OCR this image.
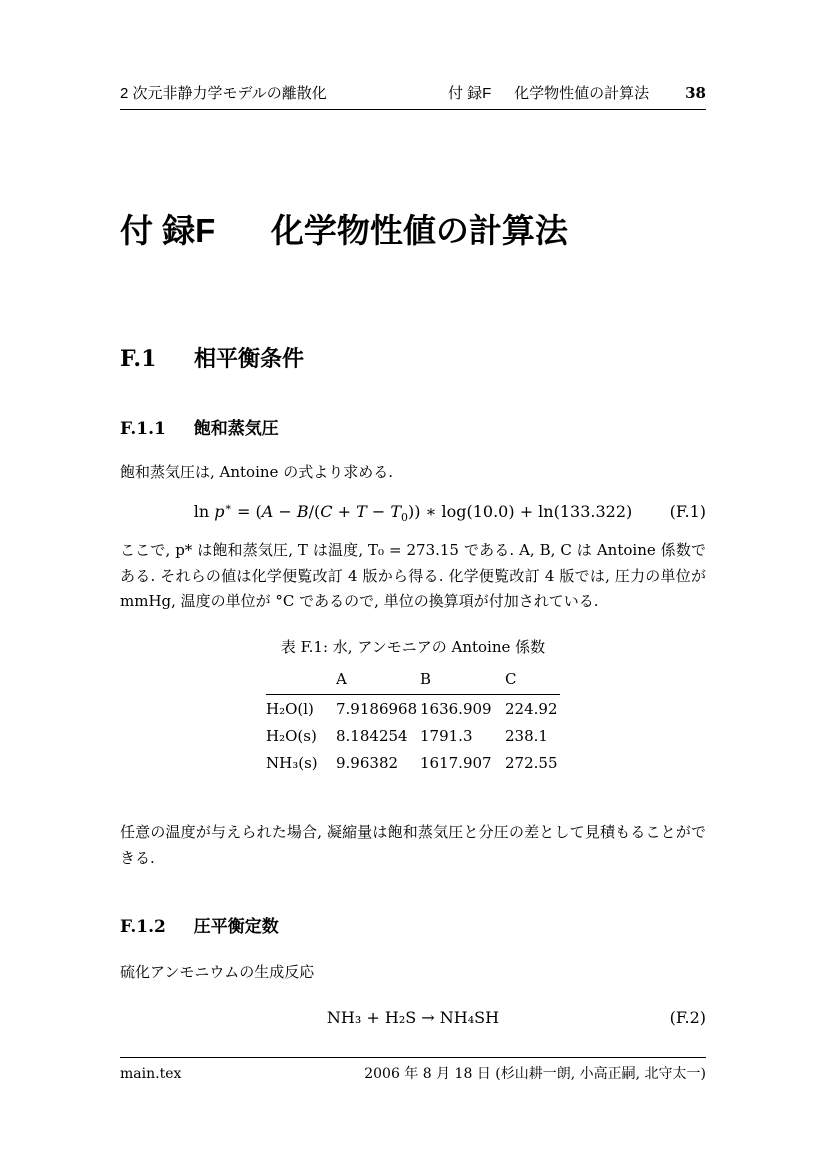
2 次元非静力学モデルの離散化	付 録F 化学物性値の計算法 38
付 録F 化学物性値の計算法
F.1 相平衡条件
F.1.1 飽和蒸気圧
飽和蒸気圧は, Antoine の式より求める.
$\ln p^∗ = (A - B/(C + T - T_0))$ ∗ log(10.0) + ln(133.322) (F.1)
ここで, p* は飽和蒸気圧, T は温度, T₀ = 273.15 である. A, B, C は Antoine 係数である. それらの値は化学便覧改訂 4 版から得る. 化学便覧改訂 4 版では, 圧力の単位が mmHg, 温度の単位が °C であるので, 単位の換算項が付加されている.
表 F.1: 水, アンモニアの Antoine 係数
	A	B	C
H₂O(l)	7.9186968	1636.909	224.92
H₂O(s)	8.184254	1791.3	238.1
NH₃(s)	9.96382	1617.907	272.55
任意の温度が与えられた場合, 凝縮量は飽和蒸気圧と分圧の差として見積もることができる.
F.1.2 圧平衡定数
硫化アンモニウムの生成反応
NH₃ + H₂S → NH₄SH	(F.2)
main.tex	2006 年 8 月 18 日 (杉山耕一朗, 小高正嗣, 北守太一)
